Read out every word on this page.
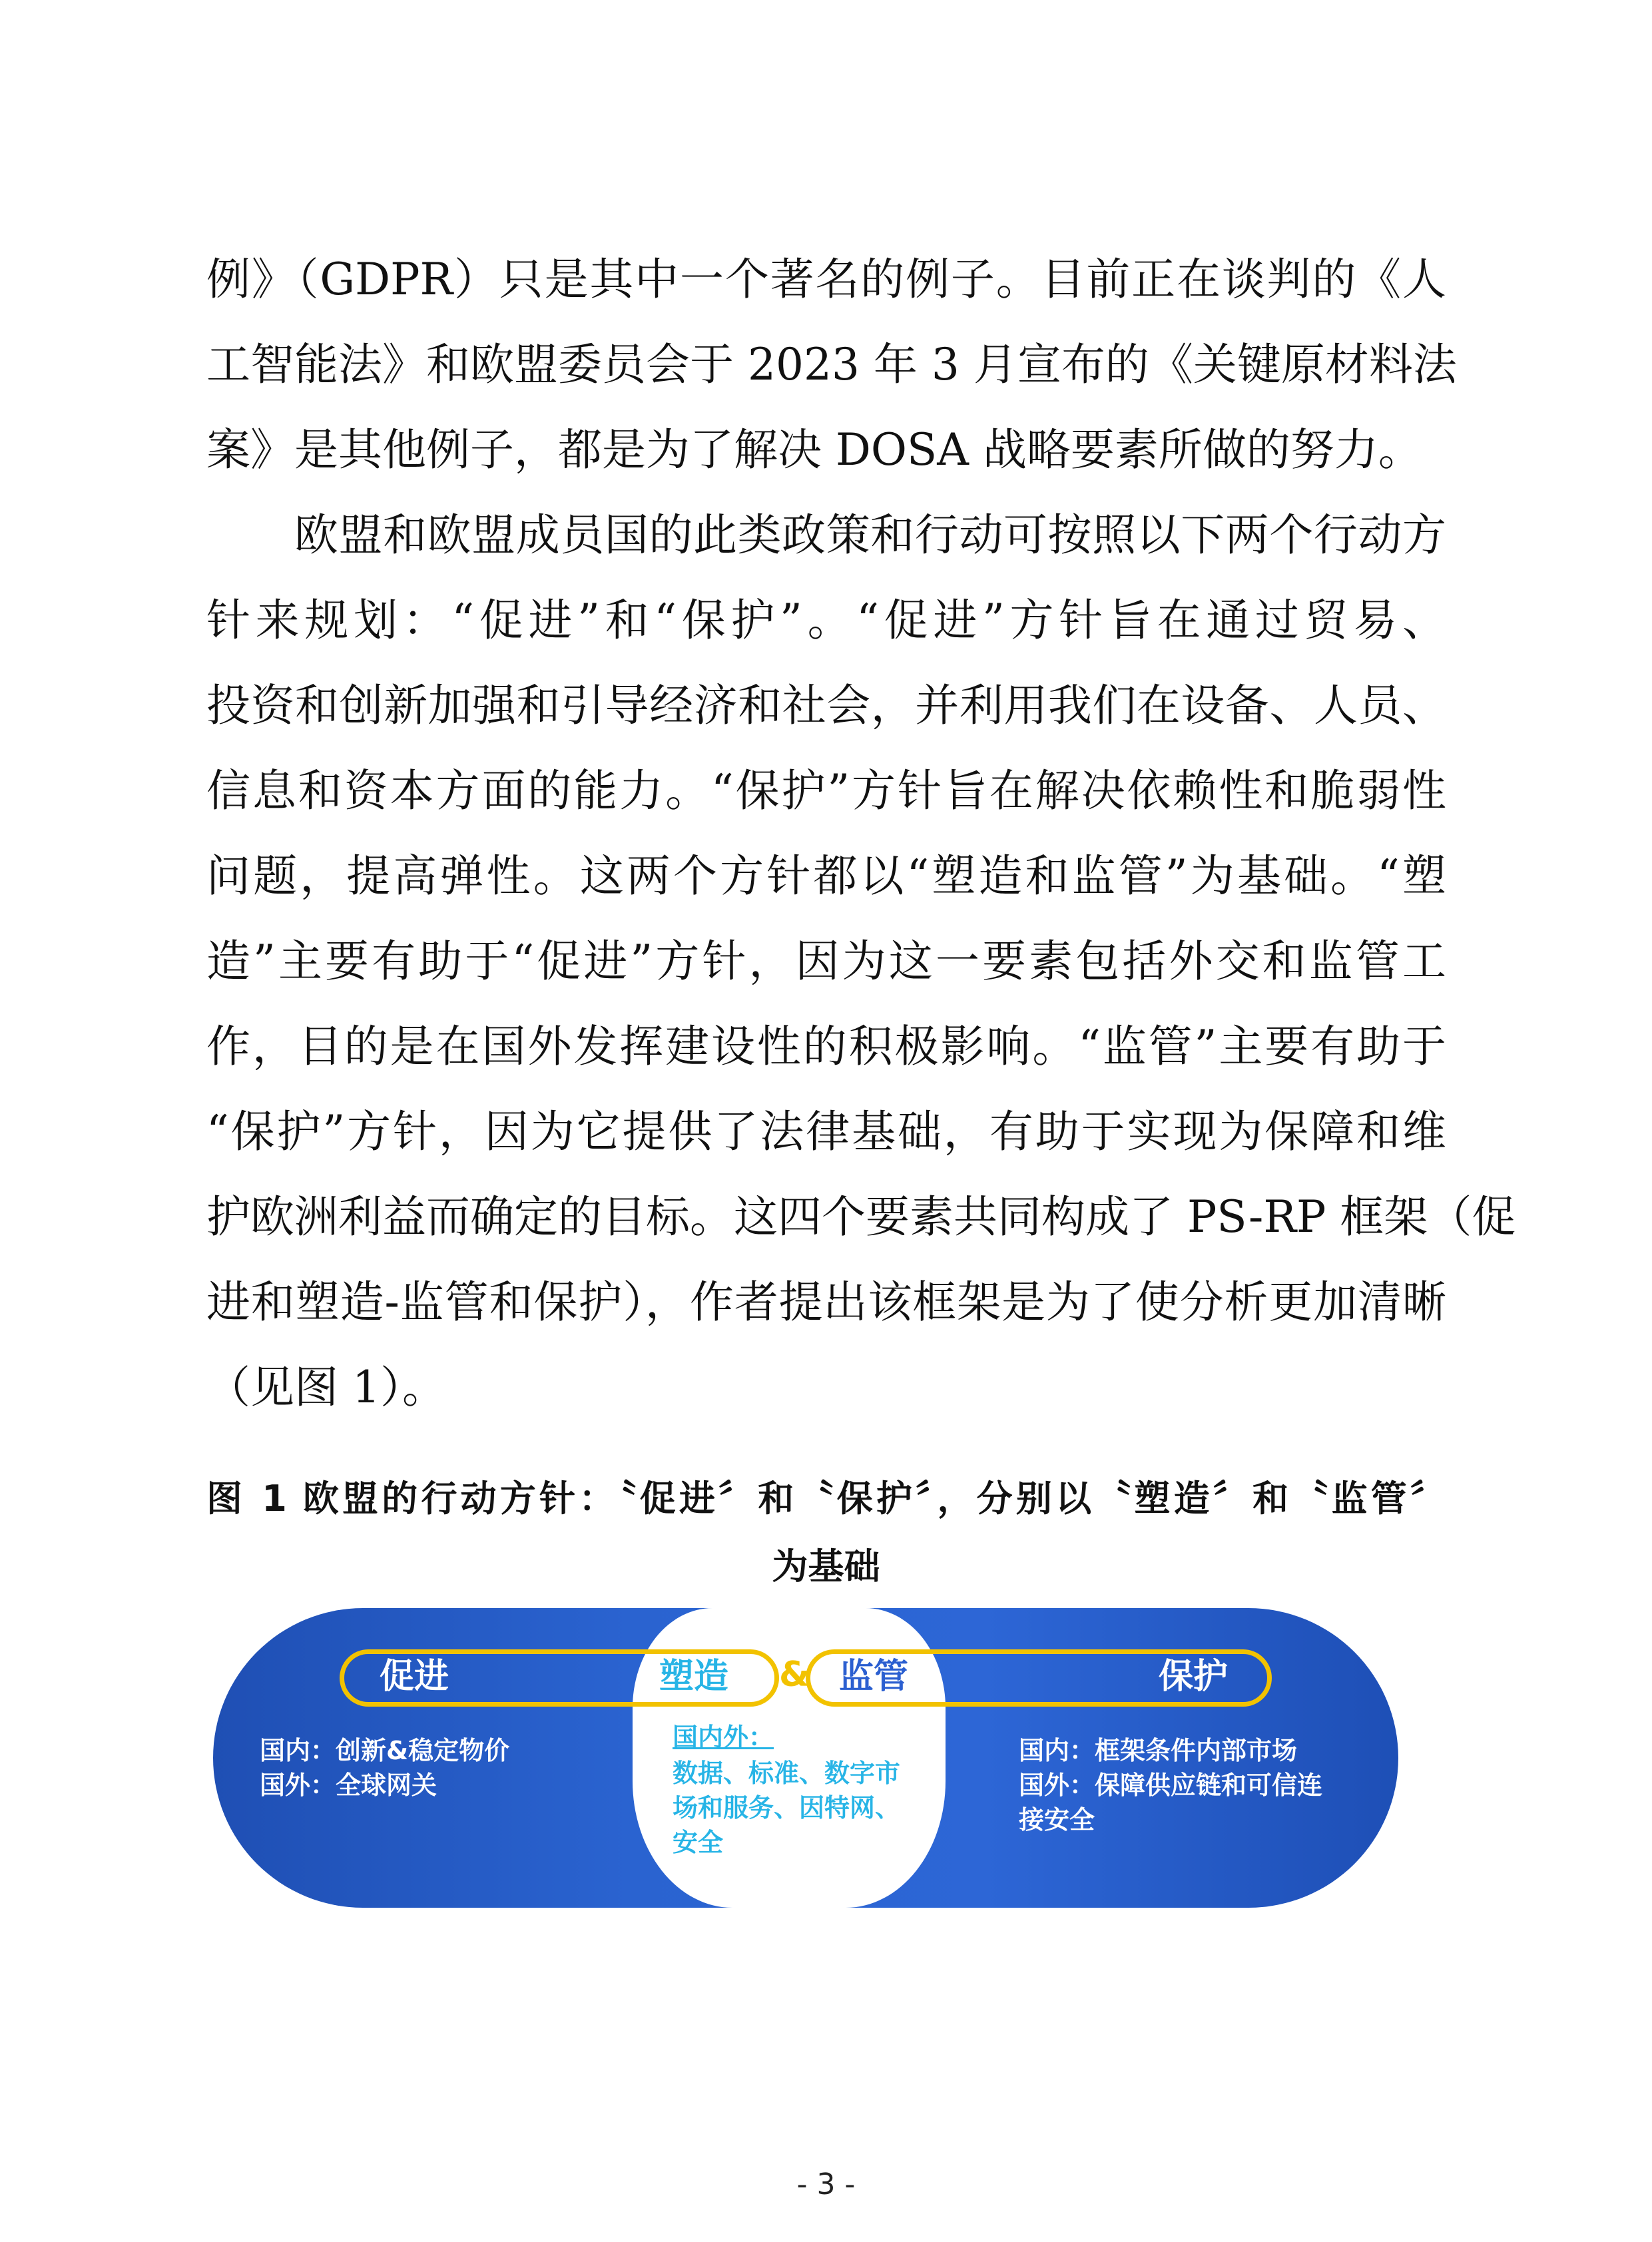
例》（GDPR）只是其中一个著名的例子。目前正在谈判的《人
工智能法》和欧盟委员会于 2023 年 3 月宣布的《关键原材料法
案》是其他例子，都是为了解决 DOSA 战略要素所做的努力。
欧盟和欧盟成员国的此类政策和行动可按照以下两个行动方
针来规划：“促进”和“保护”。“促进”方针旨在通过贸易、
投资和创新加强和引导经济和社会，并利用我们在设备、人员、
信息和资本方面的能力。“保护”方针旨在解决依赖性和脆弱性
问题，提高弹性。这两个方针都以“塑造和监管”为基础。“塑
造”主要有助于“促进”方针，因为这一要素包括外交和监管工
作，目的是在国外发挥建设性的积极影响。“监管”主要有助于
“保护”方针，因为它提供了法律基础，有助于实现为保障和维
护欧洲利益而确定的目标。这四个要素共同构成了 PS-RP 框架（促
进和塑造-监管和保护），作者提出该框架是为了使分析更加清晰
（见图 1）。
图 1 欧盟的行动方针：〝促进〞和〝保护〞，分别以〝塑造〞和〝监管〞
为基础
促进	塑造 & 监管	保护
国内：创新&稳定物价
国外：全球网关
国内外：
数据、标准、数字市
场和服务、因特网、
安全
国内：框架条件内部市场
国外：保障供应链和可信连
接安全
- 3 -
